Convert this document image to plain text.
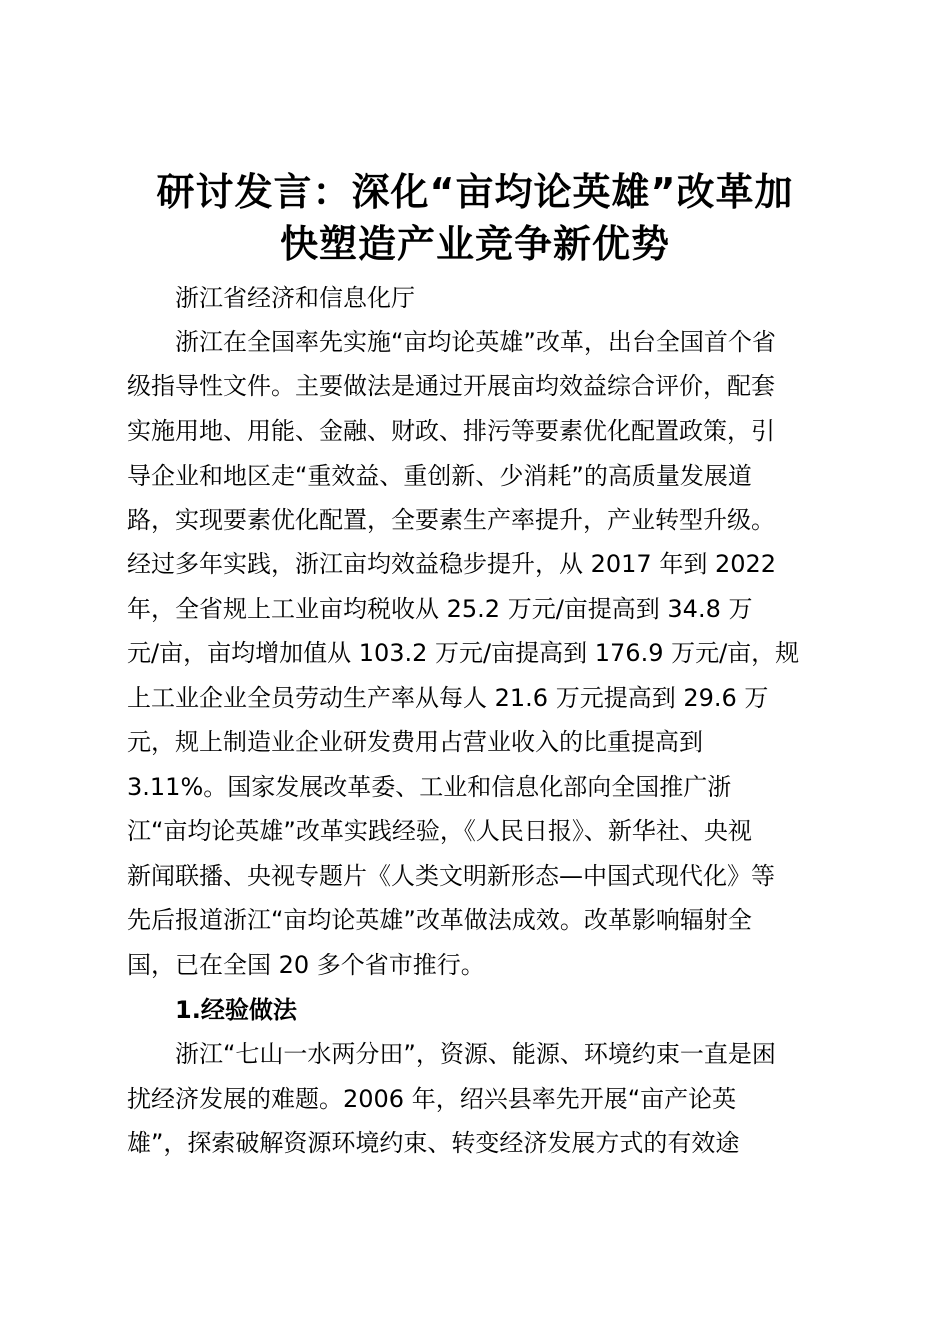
研讨发言：深化“亩均论英雄”改革加
快塑造产业竞争新优势

浙江省经济和信息化厅

浙江在全国率先实施“亩均论英雄”改革，出台全国首个省

级指导性文件。主要做法是通过开展亩均效益综合评价，配套

实施用地、用能、金融、财政、排污等要素优化配置政策，引

导企业和地区走“重效益、重创新、少消耗”的高质量发展道

路，实现要素优化配置，全要素生产率提升，产业转型升级。

经过多年实践，浙江亩均效益稳步提升，从 2017 年到 2022

年，全省规上工业亩均税收从 25.2 万元/亩提高到 34.8 万

元/亩，亩均增加值从 103.2 万元/亩提高到 176.9 万元/亩，规

上工业企业全员劳动生产率从每人 21.6 万元提高到 29.6 万

元，规上制造业企业研发费用占营业收入的比重提高到

3.11%。国家发展改革委、工业和信息化部向全国推广浙

江“亩均论英雄”改革实践经验，《人民日报》、新华社、央视

新闻联播、央视专题片《人类文明新形态—中国式现代化》等

先后报道浙江“亩均论英雄”改革做法成效。改革影响辐射全

国，已在全国 20 多个省市推行。

1.经验做法

浙江“七山一水两分田”，资源、能源、环境约束一直是困

扰经济发展的难题。2006 年，绍兴县率先开展“亩产论英

雄”，探索破解资源环境约束、转变经济发展方式的有效途
